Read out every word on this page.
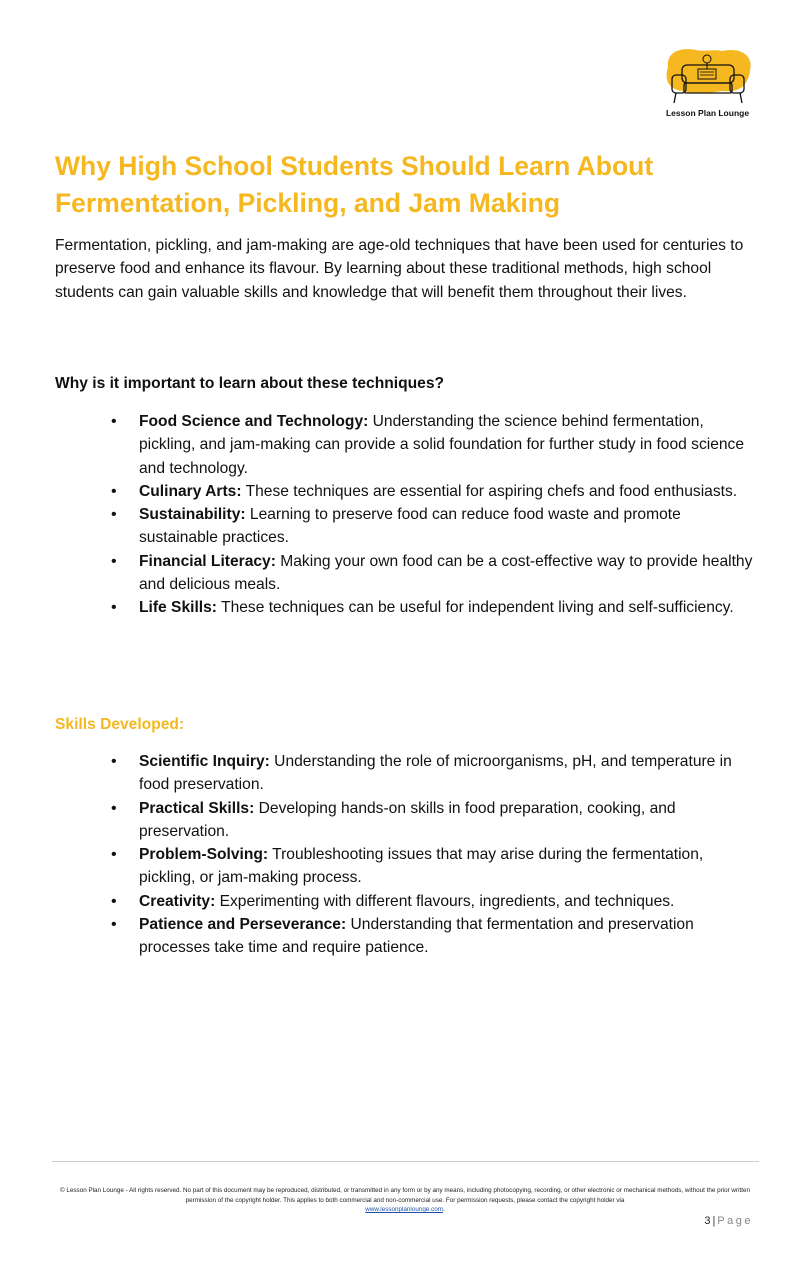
Lesson Plan Lounge
Why High School Students Should Learn About Fermentation, Pickling, and Jam Making

Fermentation, pickling, and jam-making are age-old techniques that have been used for centuries to preserve food and enhance its flavour. By learning about these traditional methods, high school students can gain valuable skills and knowledge that will benefit them throughout their lives.

Why is it important to learn about these techniques?
• Food Science and Technology: Understanding the science behind fermentation, pickling, and jam-making can provide a solid foundation for further study in food science and technology.
• Culinary Arts: These techniques are essential for aspiring chefs and food enthusiasts.
• Sustainability: Learning to preserve food can reduce food waste and promote sustainable practices.
• Financial Literacy: Making your own food can be a cost-effective way to provide healthy and delicious meals.
• Life Skills: These techniques can be useful for independent living and self-sufficiency.
Skills Developed:
• Scientific Inquiry: Understanding the role of microorganisms, pH, and temperature in food preservation.
• Practical Skills: Developing hands-on skills in food preparation, cooking, and preservation.
• Problem-Solving: Troubleshooting issues that may arise during the fermentation, pickling, or jam-making process.
• Creativity: Experimenting with different flavours, ingredients, and techniques.
• Patience and Perseverance: Understanding that fermentation and preservation processes take time and require patience.
© Lesson Plan Lounge - All rights reserved. No part of this document may be reproduced, distributed, or transmitted in any form or by any means, including photocopying, recording, or other electronic or mechanical methods, without the prior written permission of the copyright holder. This applies to both commercial and non-commercial use. For permission requests, please contact the copyright holder via
www.lessonplanlounge.com.
3 | Page
